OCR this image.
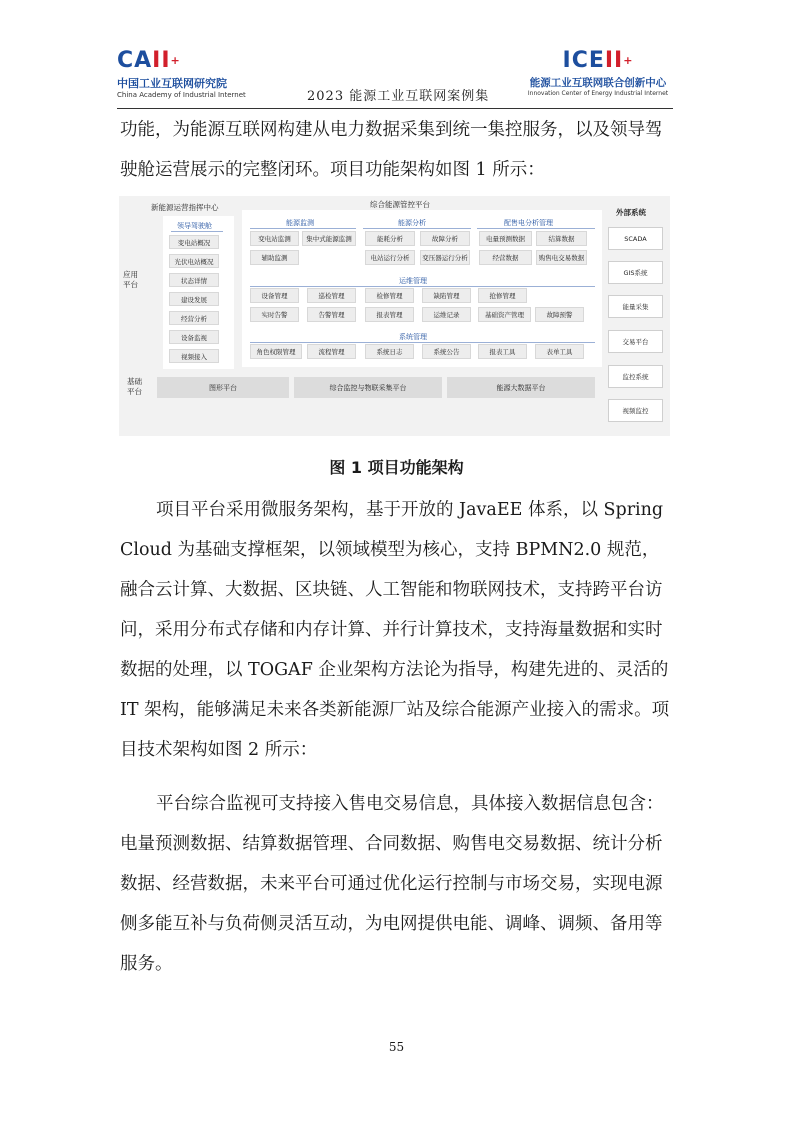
CAII+
中国工业互联网研究院
China Academy of Industrial Internet	2023 能源工业互联网案例集
ICEII+
能源工业互联网联合创新中心
Innovation Center of Energy Industrial Internet

功能，为能源互联网构建从电力数据采集到统一集控服务，以及领导驾驶舱运营展示的完整闭环。项目功能架构如图 1 所示：

新能源运营指挥中心	综合能源管控平台
外部系统
应用
平台
基础
平台
领导驾驶舱
变电站概况
光伏电站概况
状态详情
建设发展
经营分析
设备监视
视频接入
能源监测
变电站监测	集中式能源监测
辅助监测
能源分析
能耗分析	故障分析
电站运行分析	变压器运行分析
配售电分析管理
电量预测数据	结算数据
经营数据	购售电交易数据
运维管理
设备管理	巡检管理	检修管理	缺陷管理	抢修管理
实时告警	告警管理	报表管理	运维记录	基础资产管理	故障预警
系统管理
角色权限管理	流程管理	系统日志	系统公告	报表工具	表单工具
图形平台	综合监控与物联采集平台	能源大数据平台
SCADA
GIS系统
能量采集
交易平台
监控系统
视频监控
图 1 项目功能架构

项目平台采用微服务架构，基于开放的 JavaEE 体系，以 Spring Cloud 为基础支撑框架，以领域模型为核心，支持 BPMN2.0 规范，融合云计算、大数据、区块链、人工智能和物联网技术，支持跨平台访问，采用分布式存储和内存计算、并行计算技术，支持海量数据和实时数据的处理，以 TOGAF 企业架构方法论为指导，构建先进的、灵活的 IT 架构，能够满足未来各类新能源厂站及综合能源产业接入的需求。项目技术架构如图 2 所示：

平台综合监视可支持接入售电交易信息，具体接入数据信息包含：电量预测数据、结算数据管理、合同数据、购售电交易数据、统计分析数据、经营数据，未来平台可通过优化运行控制与市场交易，实现电源侧多能互补与负荷侧灵活互动，为电网提供电能、调峰、调频、备用等服务。

55
